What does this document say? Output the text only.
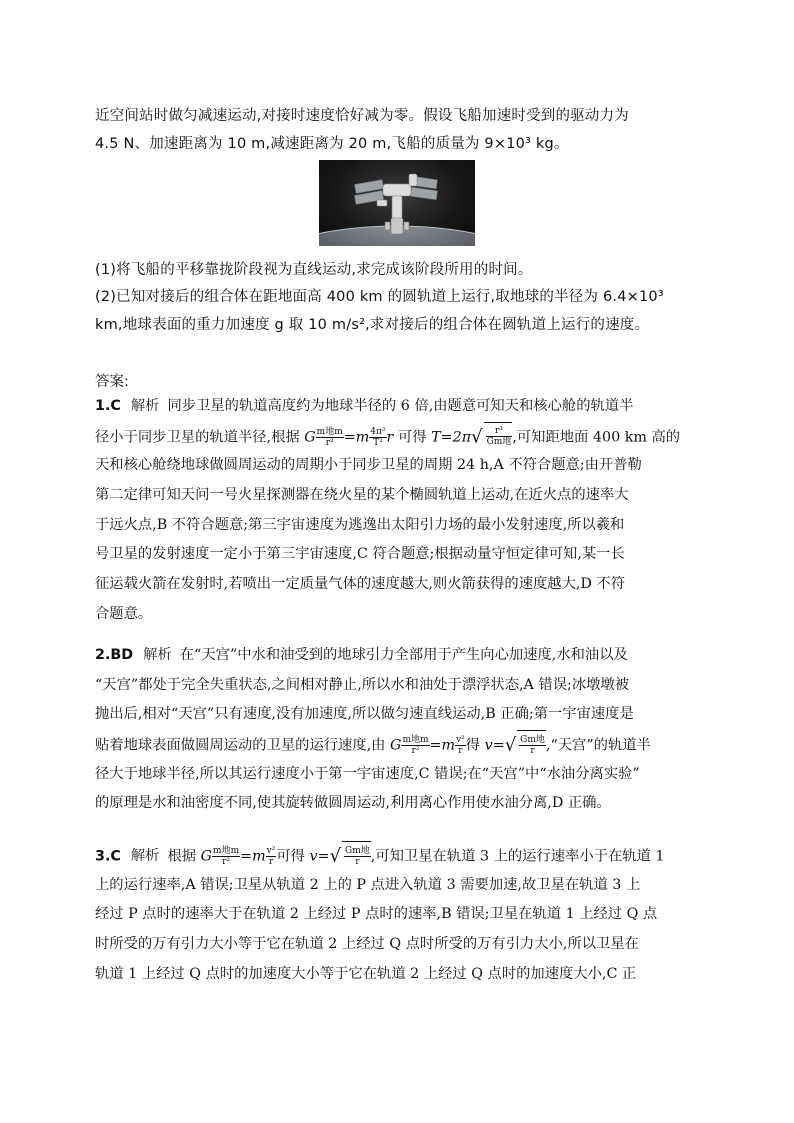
近空间站时做匀减速运动,对接时速度恰好减为零。假设飞船加速时受到的驱动力为
4.5 N、加速距离为 10 m,减速距离为 20 m,飞船的质量为 9×10³ kg。
(1)将飞船的平移靠拢阶段视为直线运动,求完成该阶段所用的时间。
(2)已知对接后的组合体在距地面高 400 km 的圆轨道上运行,取地球的半径为 6.4×10³
km,地球表面的重力加速度 g 取 10 m/s²,求对接后的组合体在圆轨道上运行的速度。
答案:
1.C 解析 同步卫星的轨道高度约为地球半径的 6 倍,由题意可知天和核心舱的轨道半
径小于同步卫星的轨道半径,根据 G $\frac{\text{m地m}}{\text{r²}} =m \frac{\text{4π²}}{\text{T²}}$ r 可得 $T=2\pi√ \frac{\text{r³}}{\text{Gm地}}$ ,可知距地面 400 km 高的
天和核心舱绕地球做圆周运动的周期小于同步卫星的周期 24 h,A 不符合题意;由开普勒
第二定律可知天问一号火星探测器在绕火星的某个椭圆轨道上运动,在近火点的速率大
于远火点,B 不符合题意;第三宇宙速度为逃逸出太阳引力场的最小发射速度,所以羲和
号卫星的发射速度一定小于第三宇宙速度,C 符合题意;根据动量守恒定律可知,某一长
征运载火箭在发射时,若喷出一定质量气体的速度越大,则火箭获得的速度越大,D 不符
合题意。
2.BD 解析 在“天宫”中水和油受到的地球引力全部用于产生向心加速度,水和油以及
“天宫”都处于完全失重状态,之间相对静止,所以水和油处于漂浮状态,A 错误;冰墩墩被
抛出后,相对“天宫”只有速度,没有加速度,所以做匀速直线运动,B 正确;第一宇宙速度是
贴着地球表面做圆周运动的卫星的运行速度,由 G $\frac{\text{m地m}}{\text{r²}} =m \frac{\text{v²}}{r}$ 得 $v=√ \frac{\text{Gm地}}{r}$ ,“天宫”的轨道半
径大于地球半径,所以其运行速度小于第一宇宙速度,C 错误;在“天宫”中“水油分离实验”
的原理是水和油密度不同,使其旋转做圆周运动,利用离心作用使水油分离,D 正确。
3.C 解析 根据 G $\frac{\text{m地m}}{\text{r²}} =m \frac{\text{v²}}{r}$ 可得 $v=√ \frac{\text{Gm地}}{r}$ ,可知卫星在轨道 3 上的运行速率小于在轨道 1
上的运行速率,A 错误;卫星从轨道 2 上的 P 点进入轨道 3 需要加速,故卫星在轨道 3 上
经过 P 点时的速率大于在轨道 2 上经过 P 点时的速率,B 错误;卫星在轨道 1 上经过 Q 点
时所受的万有引力大小等于它在轨道 2 上经过 Q 点时所受的万有引力大小,所以卫星在
轨道 1 上经过 Q 点时的加速度大小等于它在轨道 2 上经过 Q 点时的加速度大小,C 正
